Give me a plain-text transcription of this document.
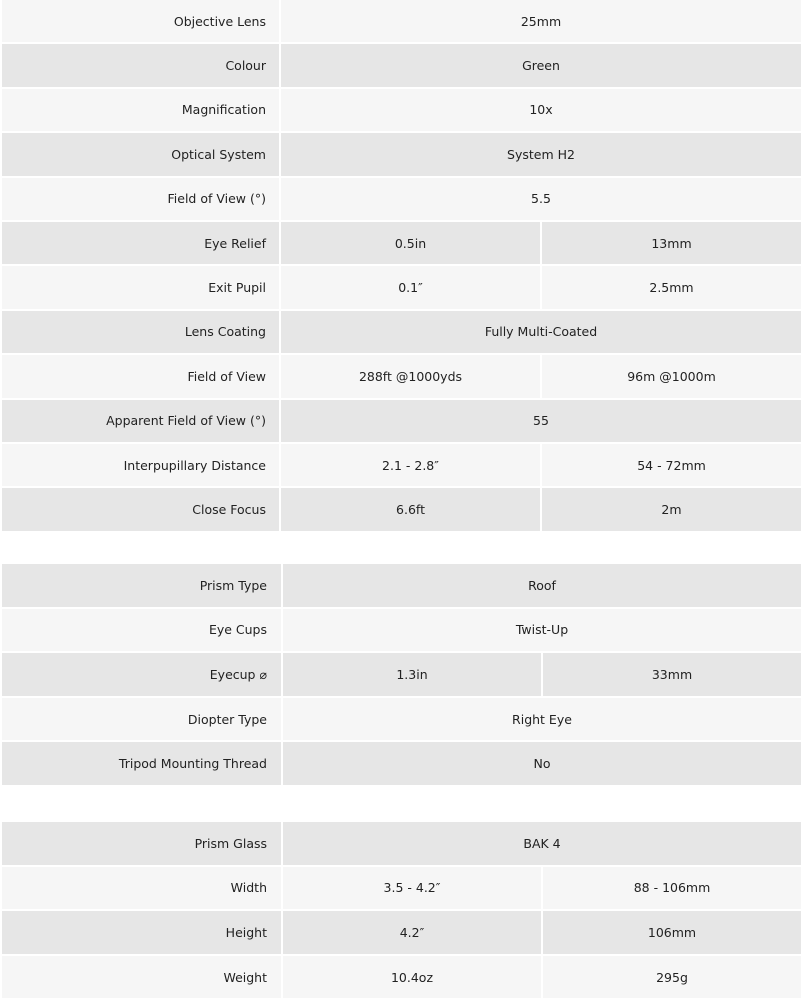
Objective Lens	25mm
Colour	Green
Magnification	10x
Optical System	System H2
Field of View (°)	5.5
Eye Relief	0.5in	13mm
Exit Pupil	0.1″	2.5mm
Lens Coating	Fully Multi-Coated
Field of View	288ft @1000yds	96m @1000m
Apparent Field of View (°)	55
Interpupillary Distance	2.1 - 2.8″	54 - 72mm
Close Focus	6.6ft	2m
Prism Type	Roof
Eye Cups	Twist-Up
Eyecup ⌀	1.3in	33mm
Diopter Type	Right Eye
Tripod Mounting Thread	No
Prism Glass	BAK 4
Width	3.5 - 4.2″	88 - 106mm
Height	4.2″	106mm
Weight	10.4oz	295g
